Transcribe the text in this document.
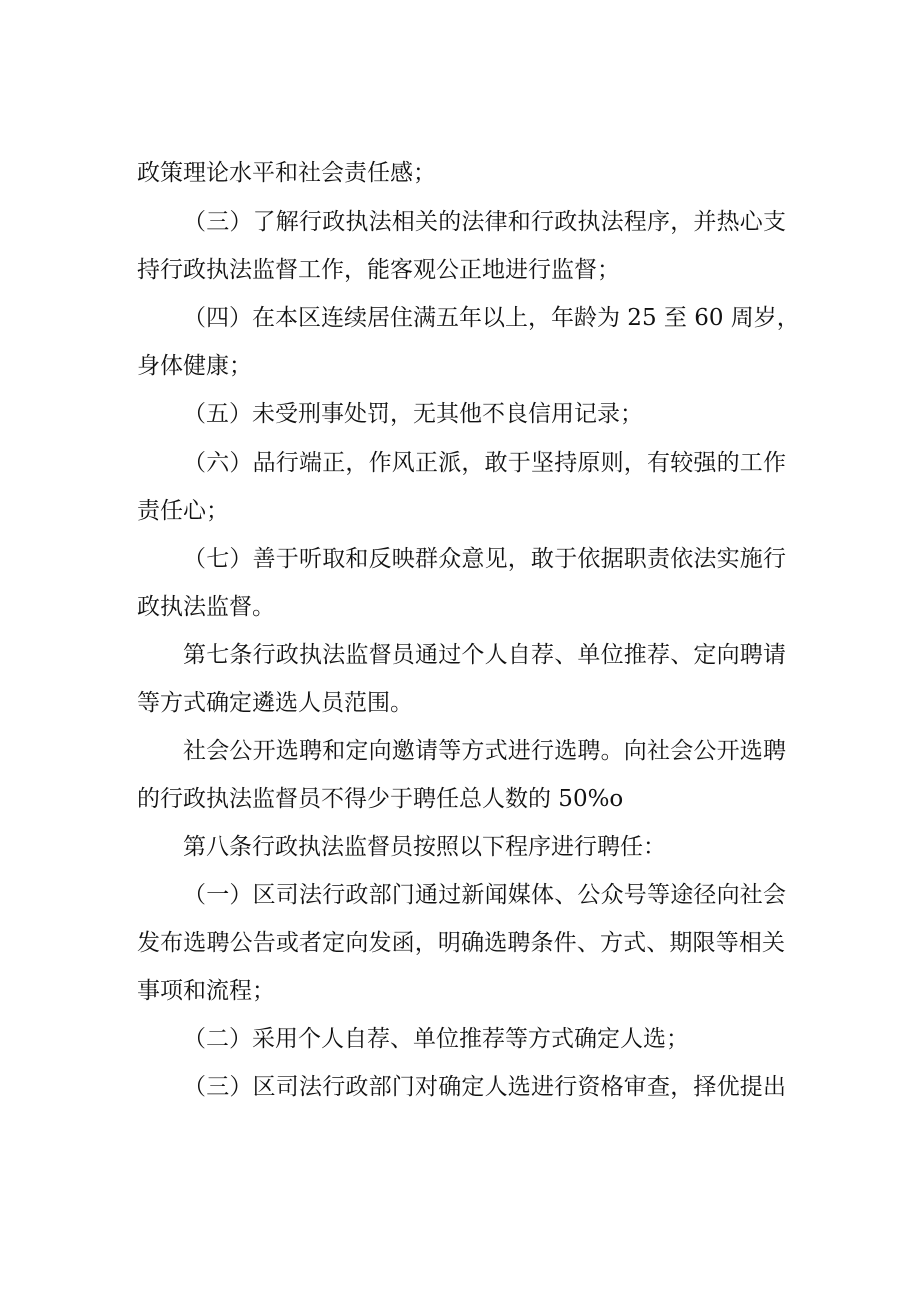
政策理论水平和社会责任感；
（三）了解行政执法相关的法律和行政执法程序，并热心支
持行政执法监督工作，能客观公正地进行监督；
（四）在本区连续居住满五年以上，年龄为 25 至 60 周岁，
身体健康；
（五）未受刑事处罚，无其他不良信用记录；
（六）品行端正，作风正派，敢于坚持原则，有较强的工作
责任心；
（七）善于听取和反映群众意见，敢于依据职责依法实施行
政执法监督。
第七条行政执法监督员通过个人自荐、单位推荐、定向聘请
等方式确定遴选人员范围。
社会公开选聘和定向邀请等方式进行选聘。向社会公开选聘
的行政执法监督员不得少于聘任总人数的 50%o
第八条行政执法监督员按照以下程序进行聘任：
（一）区司法行政部门通过新闻媒体、公众号等途径向社会
发布选聘公告或者定向发函，明确选聘条件、方式、期限等相关
事项和流程；
（二）采用个人自荐、单位推荐等方式确定人选；
（三）区司法行政部门对确定人选进行资格审查，择优提出
